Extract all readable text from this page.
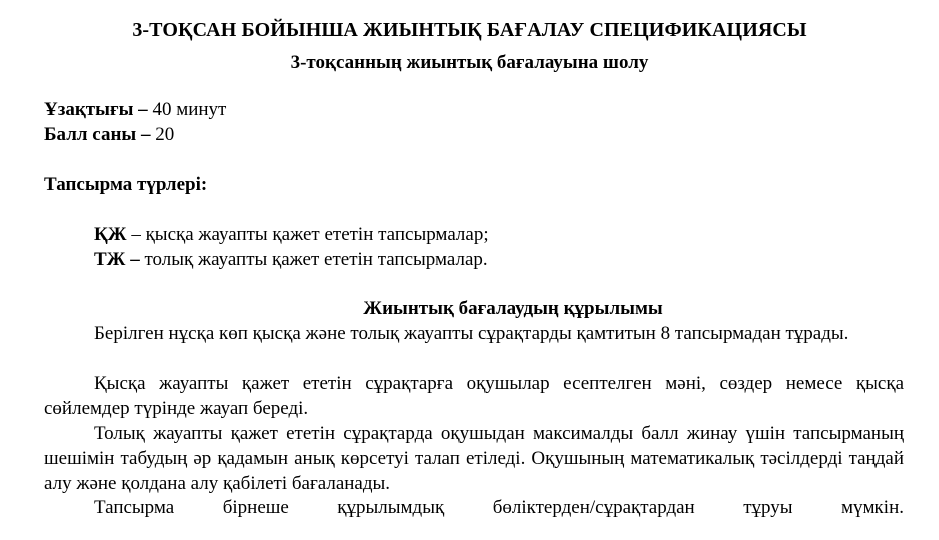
3-ТОҚСАН БОЙЫНША ЖИЫНТЫҚ БАҒАЛАУ СПЕЦИФИКАЦИЯСЫ
3-тоқсанның жиынтық бағалауына шолу
Ұзақтығы – 40 минут
Балл саны – 20
Тапсырма түрлері:
ҚЖ – қысқа жауапты қажет ететін тапсырмалар;
ТЖ – толық жауапты қажет ететін тапсырмалар.
Жиынтық бағалаудың құрылымы
Берілген нұсқа көп қысқа және толық жауапты сұрақтарды қамтитын 8 тапсырмадан тұрады.
Қысқа жауапты қажет ететін сұрақтарға оқушылар есептелген мәні, сөздер немесе қысқа сөйлемдер түрінде жауап береді.
Толық жауапты қажет ететін сұрақтарда оқушыдан максималды балл жинау үшін тапсырманың шешімін табудың әр қадамын анық көрсетуі талап етіледі. Оқушының математикалық тәсілдерді таңдай алу және қолдана алу қабілеті бағаланады.
Тапсырма бірнеше құрылымдық бөліктерден/сұрақтардан тұруы мүмкін.
